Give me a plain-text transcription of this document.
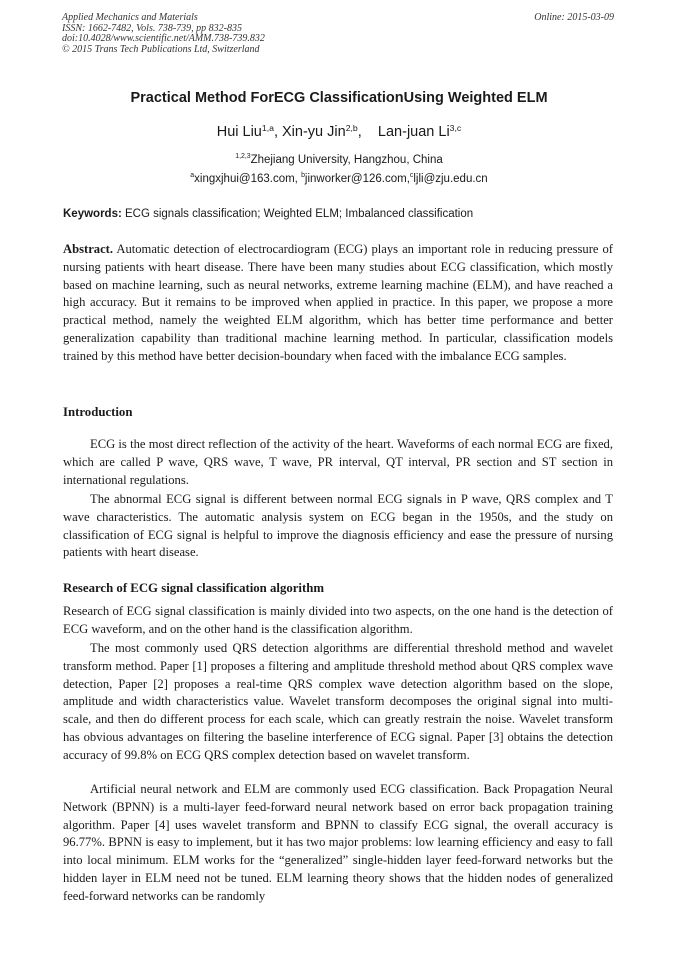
Applied Mechanics and Materials
ISSN: 1662-7482, Vols. 738-739, pp 832-835
doi:10.4028/www.scientific.net/AMM.738-739.832
© 2015 Trans Tech Publications Ltd, Switzerland
Online: 2015-03-09
Practical Method ForECG ClassificationUsing Weighted ELM
Hui Liu$^{1,a}$, Xin-yu Jin$^{2,b}$,    Lan-juan Li$^{3,c}$
$^{1,2,3}$Zhejiang University, Hangzhou, China
$^a$xingxjhui@163.com, $^b$jinworker@126.com,$^c$ljli@zju.edu.cn
Keywords: ECG signals classification; Weighted ELM; Imbalanced classification
Abstract. Automatic detection of electrocardiogram (ECG) plays an important role in reducing pressure of nursing patients with heart disease. There have been many studies about ECG classification, which mostly based on machine learning, such as neural networks, extreme learning machine (ELM), and have reached a high accuracy. But it remains to be improved when applied in practice. In this paper, we propose a more practical method, namely the weighted ELM algorithm, which has better time performance and better generalization capability than traditional machine learning method. In particular, classification models trained by this method have better decision-boundary when faced with the imbalance ECG samples.
Introduction
ECG is the most direct reflection of the activity of the heart. Waveforms of each normal ECG are fixed, which are called P wave, QRS wave, T wave, PR interval, QT interval, PR section and ST section in international regulations.
The abnormal ECG signal is different between normal ECG signals in P wave, QRS complex and T wave characteristics. The automatic analysis system on ECG began in the 1950s, and the study on classification of ECG signal is helpful to improve the diagnosis efficiency and ease the pressure of nursing patients with heart disease.
Research of ECG signal classification algorithm
Research of ECG signal classification is mainly divided into two aspects, on the one hand is the detection of ECG waveform, and on the other hand is the classification algorithm.
The most commonly used QRS detection algorithms are differential threshold method and wavelet transform method. Paper [1] proposes a filtering and amplitude threshold method about QRS complex wave detection, Paper [2] proposes a real-time QRS complex wave detection algorithm based on the slope, amplitude and width characteristics value. Wavelet transform decomposes the original signal into multi-scale, and then do different process for each scale, which can greatly restrain the noise. Wavelet transform has obvious advantages on filtering the baseline interference of ECG signal. Paper [3] obtains the detection accuracy of 99.8% on ECG QRS complex detection based on wavelet transform.
Artificial neural network and ELM are commonly used ECG classification. Back Propagation Neural Network (BPNN) is a multi-layer feed-forward neural network based on error back propagation training algorithm. Paper [4] uses wavelet transform and BPNN to classify ECG signal, the overall accuracy is 96.77%. BPNN is easy to implement, but it has two major problems: low learning efficiency and easy to fall into local minimum. ELM works for the “generalized” single-hidden layer feed-forward networks but the hidden layer in ELM need not be tuned. ELM learning theory shows that the hidden nodes of generalized feed-forward networks can be randomly
